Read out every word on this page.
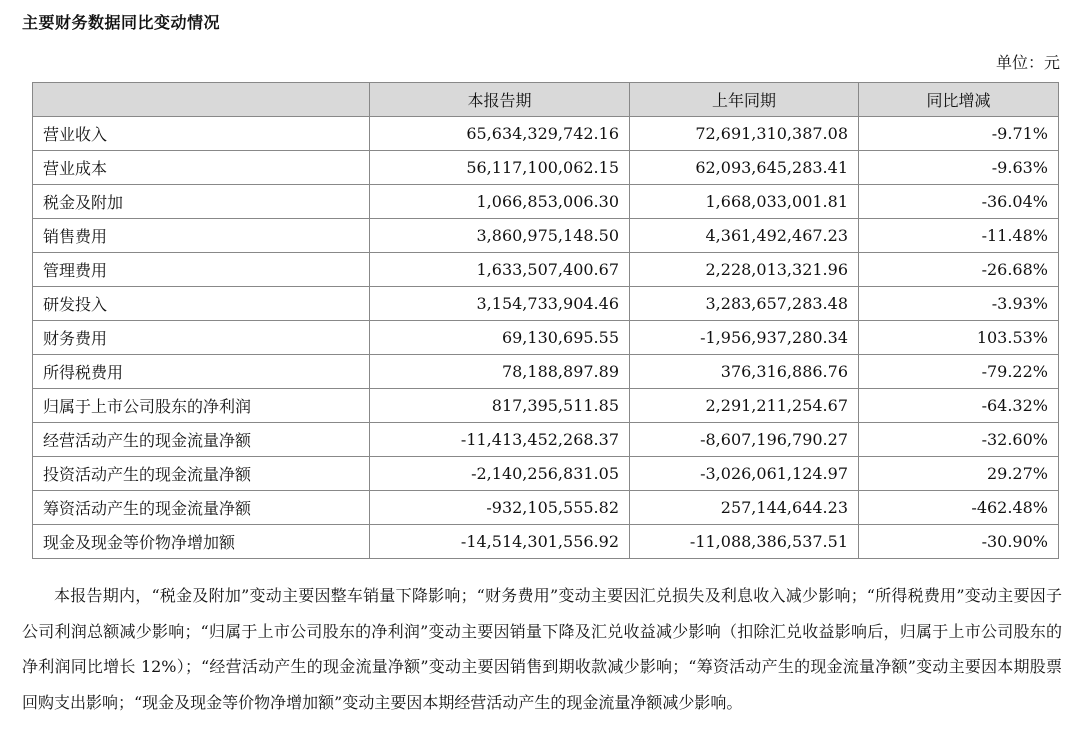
主要财务数据同比变动情况
单位：元
	本报告期	上年同期	同比增减
营业收入	65,634,329,742.16	72,691,310,387.08	-9.71%
营业成本	56,117,100,062.15	62,093,645,283.41	-9.63%
税金及附加	1,066,853,006.30	1,668,033,001.81	-36.04%
销售费用	3,860,975,148.50	4,361,492,467.23	-11.48%
管理费用	1,633,507,400.67	2,228,013,321.96	-26.68%
研发投入	3,154,733,904.46	3,283,657,283.48	-3.93%
财务费用	69,130,695.55	-1,956,937,280.34	103.53%
所得税费用	78,188,897.89	376,316,886.76	-79.22%
归属于上市公司股东的净利润	817,395,511.85	2,291,211,254.67	-64.32%
经营活动产生的现金流量净额	-11,413,452,268.37	-8,607,196,790.27	-32.60%
投资活动产生的现金流量净额	-2,140,256,831.05	-3,026,061,124.97	29.27%
筹资活动产生的现金流量净额	-932,105,555.82	257,144,644.23	-462.48%
现金及现金等价物净增加额	-14,514,301,556.92	-11,088,386,537.51	-30.90%

本报告期内，“税金及附加”变动主要因整车销量下降影响；“财务费用”变动主要因汇兑损失及利息收入减少影响；“所得税费用”变动主要因子公司利润总额减少影响；“归属于上市公司股东的净利润”变动主要因销量下降及汇兑收益减少影响（扣除汇兑收益影响后，归属于上市公司股东的净利润同比增长 12%）；“经营活动产生的现金流量净额”变动主要因销售到期收款减少影响；“筹资活动产生的现金流量净额”变动主要因本期股票回购支出影响；“现金及现金等价物净增加额”变动主要因本期经营活动产生的现金流量净额减少影响。
